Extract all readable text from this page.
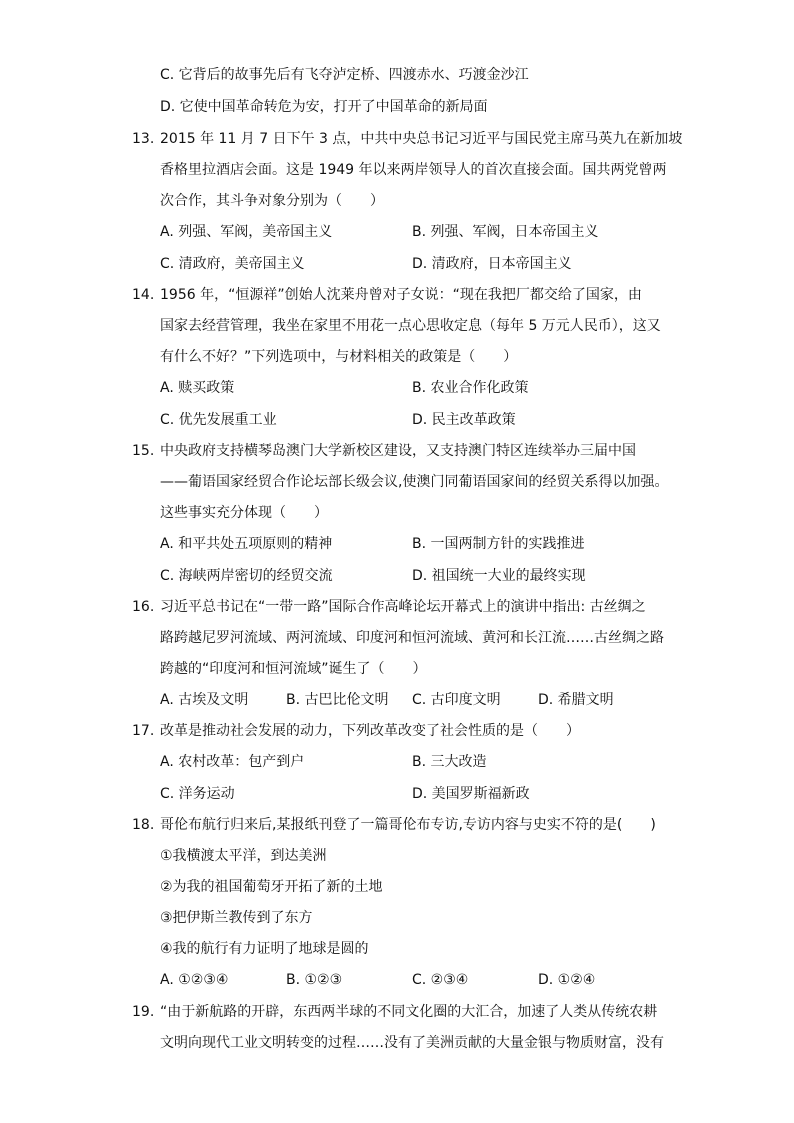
C. 它背后的故事先后有飞夺泸定桥、四渡赤水、巧渡金沙江
D. 它使中国革命转危为安，打开了中国革命的新局面
13. 2015 年 11 月 7 日下午 3 点，中共中央总书记习近平与国民党主席马英九在新加坡
香格里拉酒店会面。这是 1949 年以来两岸领导人的首次直接会面。国共两党曾两
次合作，其斗争对象分别为（　　）
A. 列强、军阀，美帝国主义	B. 列强、军阀，日本帝国主义
C. 清政府，美帝国主义	D. 清政府，日本帝国主义
14. 1956 年，“恒源祥”创始人沈莱舟曾对子女说：“现在我把厂都交给了国家，由
国家去经营管理，我坐在家里不用花一点心思收定息（每年 5 万元人民币），这又
有什么不好？”下列选项中，与材料相关的政策是（　　）
A. 赎买政策	B. 农业合作化政策
C. 优先发展重工业	D. 民主改革政策
15. 中央政府支持横琴岛澳门大学新校区建设，又支持澳门特区连续举办三届中国
——葡语国家经贸合作论坛部长级会议,使澳门同葡语国家间的经贸关系得以加强。
这些事实充分体现（　　）
A. 和平共处五项原则的精神	B. 一国两制方针的实践推进
C. 海峡两岸密切的经贸交流	D. 祖国统一大业的最终实现
16. 习近平总书记在“一带一路”国际合作高峰论坛开幕式上的演讲中指出: 古丝绸之
路跨越尼罗河流域、两河流域、印度河和恒河流域、黄河和长江流……古丝绸之路
跨越的“印度河和恒河流域”诞生了（　　）
A. 古埃及文明	B. 古巴比伦文明 C. 古印度文明	D. 希腊文明
17. 改革是推动社会发展的动力，下列改革改变了社会性质的是（　　）
A. 农村改革：包产到户	B. 三大改造
C. 洋务运动	D. 美国罗斯福新政
18. 哥伦布航行归来后,某报纸刊登了一篇哥伦布专访,专访内容与史实不符的是(　　)
①我横渡太平洋，到达美洲
②为我的祖国葡萄牙开拓了新的土地
③把伊斯兰教传到了东方
④我的航行有力证明了地球是圆的
A. ①②③④	B. ①②③	C. ②③④	D. ①②④
19. “由于新航路的开辟，东西两半球的不同文化圈的大汇合，加速了人类从传统农耕
文明向现代工业文明转变的过程……没有了美洲贡献的大量金银与物质财富，没有
